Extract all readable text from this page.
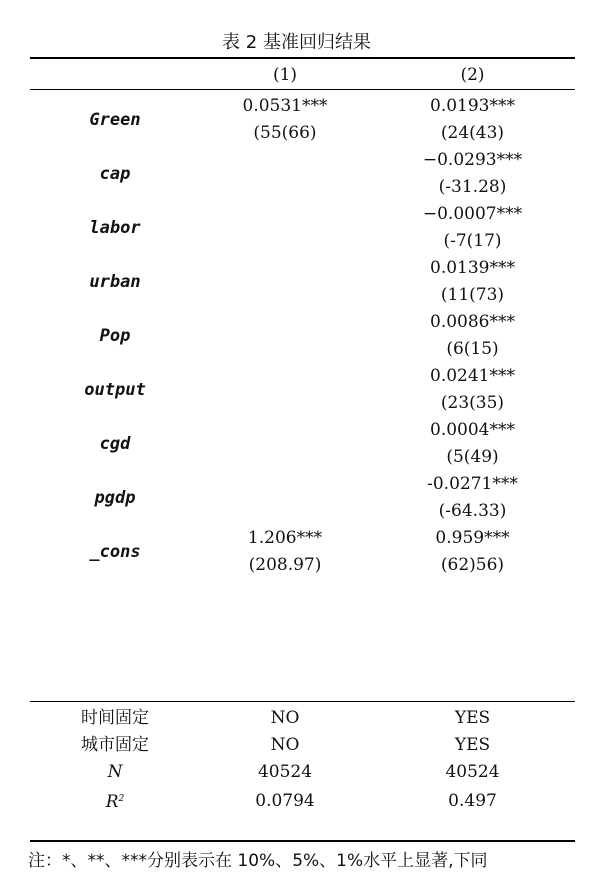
表 2 基准回归结果
	(1)	(2)

Green	0.0531***	0.0193***
	(55(66)	(24(43)
cap		−0.0293***
		(-31.28)
labor		−0.0007***
		(-7(17)
urban		0.0139***
		(11(73)
Pop		0.0086***
		(6(15)
output		0.0241***
		(23(35)
cgd		0.0004***
		(5(49)
pgdp		-0.0271***
		(-64.33)
_cons	1.206***	0.959***
	(208.97)	(62)56)
时间固定	NO	YES
城市固定	NO	YES
N	40524	40524
$R^2$	0.0794	0.497
注：*、**、***分别表示在 10%、5%、1%水平上显著,下同
